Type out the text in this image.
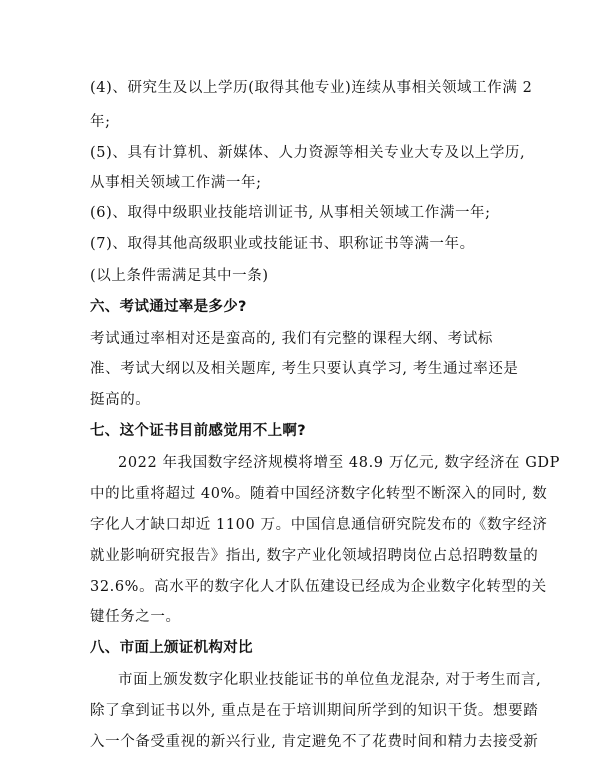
(4)、研究生及以上学历(取得其他专业)连续从事相关领域工作满 2
年;
(5)、具有计算机、新媒体、人力资源等相关专业大专及以上学历,
从事相关领域工作满一年;
(6)、取得中级职业技能培训证书, 从事相关领域工作满一年;
(7)、取得其他高级职业或技能证书、职称证书等满一年。
(以上条件需满足其中一条)
六、考试通过率是多少?
考试通过率相对还是蛮高的, 我们有完整的课程大纲、考试标
准、考试大纲以及相关题库, 考生只要认真学习, 考生通过率还是
挺高的。
七、这个证书目前感觉用不上啊?
2022 年我国数字经济规模将增至 48.9 万亿元, 数字经济在 GDP
中的比重将超过 40%。随着中国经济数字化转型不断深入的同时, 数
字化人才缺口却近 1100 万。中国信息通信研究院发布的《数字经济
就业影响研究报告》指出, 数字产业化领域招聘岗位占总招聘数量的
32.6%。高水平的数字化人才队伍建设已经成为企业数字化转型的关
键任务之一。
八、市面上颁证机构对比
市面上颁发数字化职业技能证书的单位鱼龙混杂, 对于考生而言,
除了拿到证书以外, 重点是在于培训期间所学到的知识干货。想要踏
入一个备受重视的新兴行业, 肯定避免不了花费时间和精力去接受新
